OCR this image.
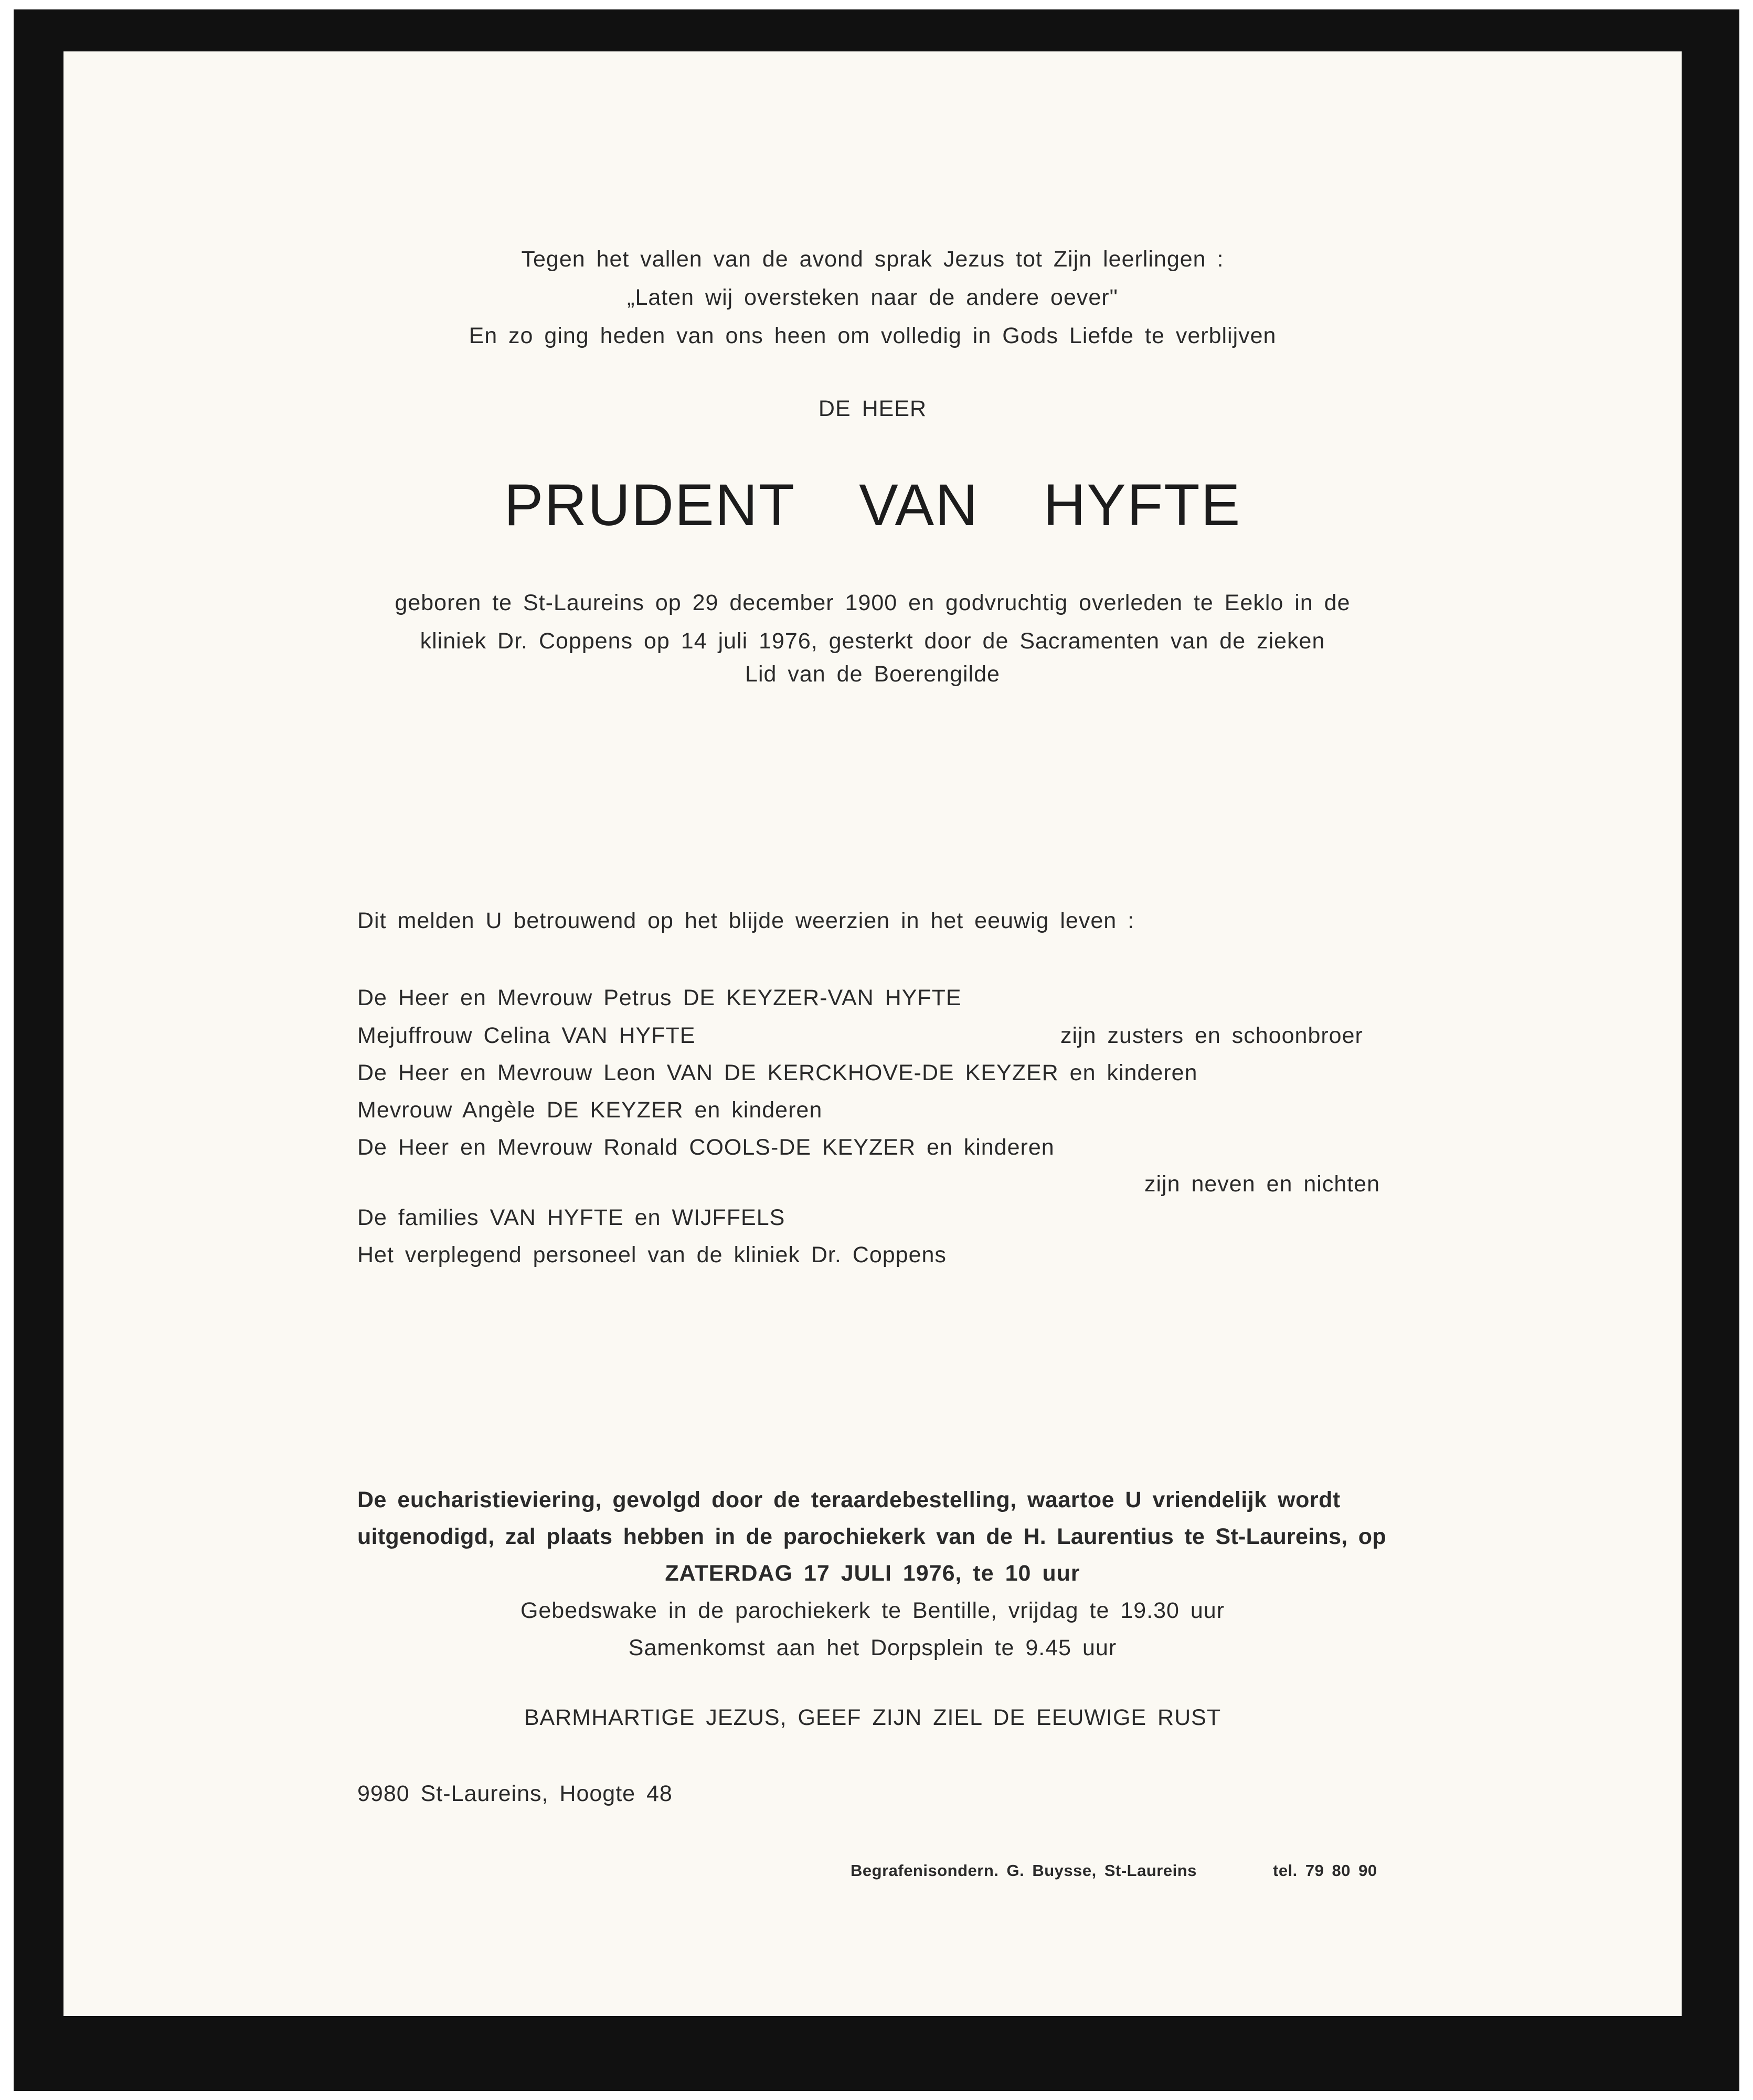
Tegen het vallen van de avond sprak Jezus tot Zijn leerlingen :

„Laten wij oversteken naar de andere oever"

En zo ging heden van ons heen om volledig in Gods Liefde te verblijven

DE HEER

PRUDENT VAN HYFTE

geboren te St-Laureins op 29 december 1900 en godvruchtig overleden te Eeklo in de

kliniek Dr. Coppens op 14 juli 1976, gesterkt door de Sacramenten van de zieken

Lid van de Boerengilde

Dit melden U betrouwend op het blijde weerzien in het eeuwig leven :

De Heer en Mevrouw Petrus DE KEYZER-VAN HYFTE

Mejuffrouw Celina VAN HYFTE	zijn zusters en schoonbroer

De Heer en Mevrouw Leon VAN DE KERCKHOVE-DE KEYZER en kinderen

Mevrouw Angèle DE KEYZER en kinderen

De Heer en Mevrouw Ronald COOLS-DE KEYZER en kinderen

zijn neven en nichten

De families VAN HYFTE en WIJFFELS

Het verplegend personeel van de kliniek Dr. Coppens

De eucharistieviering, gevolgd door de teraardebestelling, waartoe U vriendelijk wordt

uitgenodigd, zal plaats hebben in de parochiekerk van de H. Laurentius te St-Laureins, op

ZATERDAG 17 JULI 1976, te 10 uur

Gebedswake in de parochiekerk te Bentille, vrijdag te 19.30 uur

Samenkomst aan het Dorpsplein te 9.45 uur

BARMHARTIGE JEZUS, GEEF ZIJN ZIEL DE EEUWIGE RUST

9980 St-Laureins, Hoogte 48

Begrafenisondern. G. Buysse, St-Laureins	tel. 79 80 90
